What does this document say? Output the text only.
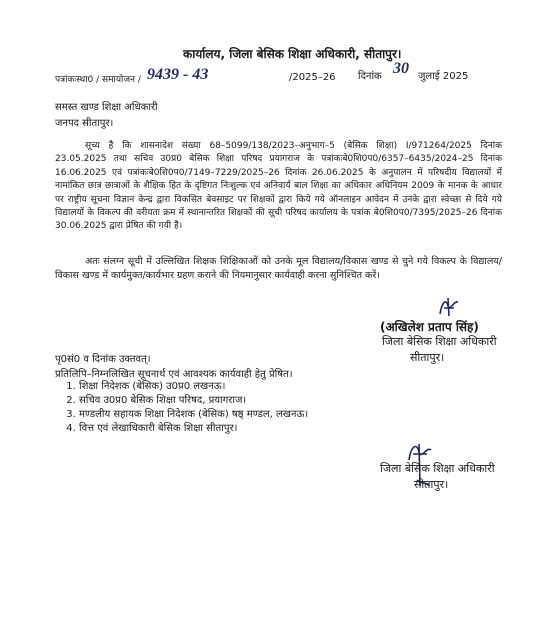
कार्यालय, जिला बेसिक शिक्षा अधिकारी, सीतापुर।
पत्रांकःस्था0 / समायोजन / 9439 - 43	/2025–26 दिनांक 30 जुलाई 2025
समस्त खण्ड शिक्षा अधिकारी
जनपद सीतापुर।
सूच्य है कि शासनादेश संख्या 68–5099/138/2023–अनुभाग–5 (बेसिक शिक्षा) I/971264/2025 दिनांक 23.05.2025 तथा सचिव उ0प्र0 बेसिक शिक्षा परिषद प्रयागराज के पत्रांकःबे0शि0प0/6357–6435/2024–25 दिनांक 16.06.2025 एवं पत्रांकःबे0शि0प0/7149–7229/2025–26 दिनांक 26.06.2025 के अनुपालन में परिषदीय विद्यालयों में नामांकित छात्र छात्राओं के शैक्षिक हित के दृष्टिगत निःशुल्क एवं अनिवार्य बाल शिक्षा का अधिकार अधिनियम 2009 के मानक के आधार पर राष्ट्रीय सूचना विज्ञान केन्द्र द्वारा विकसित बेवसाइट पर शिक्षकों द्वारा किये गये ऑनलाइन आवेदन में उनके द्वारा स्वेच्छा से दिये गये विद्यालयों के विकल्प की वरीयता क्रम में स्थानान्तरित शिक्षकों की सूची परिषद कार्यालय के पत्रांक बे0शि0प0/7395/2025–26 दिनांक 30.06.2025 द्वारा प्रेषित की गयी है।
अतः संलग्न सूची में उल्लिखित शिक्षक शिक्षिकाओं को उनके मूल विद्यालय/विकास खण्ड से चुने गये विकल्प के विद्यालय/विकास खण्ड में कार्यमुक्त/कार्यभार ग्रहण कराने की नियमानुसार कार्यवाही करना सुनिश्चित करें।
(अखिलेश प्रताप सिंह)
जिला बेसिक शिक्षा अधिकारी
सीतापुर।
पृ0सं0 व दिनांक उक्तवत्।
प्रतिलिपि–निम्नलिखित सूचनार्थ एवं आवश्यक कार्यवाही हेतु प्रेषित।
1. शिक्षा निदेशक (बेसिक) उ0प्र0 लखनऊ।
2. सचिव उ0प्र0 बेसिक शिक्षा परिषद, प्रयागराज।
3. मण्डलीय सहायक शिक्षा निदेशक (बेसिक) षष्ठ् मण्डल, लखनऊ।
4. वित्त एवं लेखाधिकारी बेसिक शिक्षा सीतापुर।
जिला बेसिक शिक्षा अधिकारी
सीतापुर।
